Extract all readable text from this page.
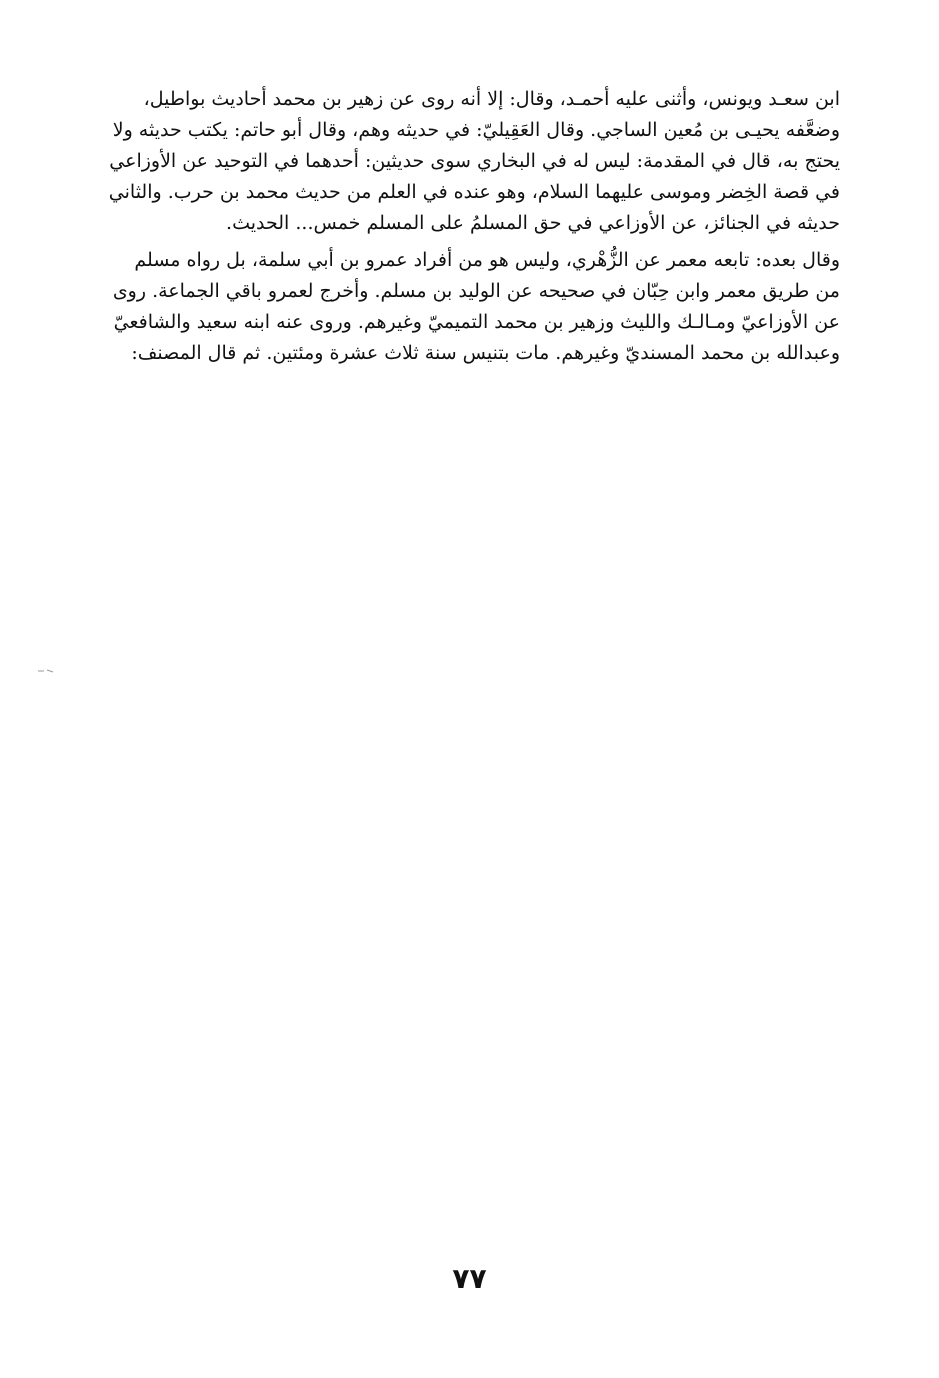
ابن سعـد ويونس، وأثنى عليه أحمـد، وقال: إلا أنه روى عن زهير بن محمد أحاديث بواطيل،
وضعَّفه يحيـى بن مُعين الساجي. وقال العَقِيليّ: في حديثه وهم، وقال أبو حاتم: يكتب حديثه ولا
يحتج به، قال في المقدمة: ليس له في البخاري سوى حديثين: أحدهما في التوحيد عن الأوزاعي
في قصة الخِضر وموسى عليهما السلام، وهو عنده في العلم من حديث محمد بن حرب. والثاني
حديثه في الجنائز، عن الأوزاعي في حق المسلمُ على المسلم خمس... الحديث.
وقال بعده: تابعه معمر عن الزُّهْري، وليس هو من أفراد عمرو بن أبي سلمة، بل رواه مسلم
من طريق معمر وابن حِبّان في صحيحه عن الوليد بن مسلم. وأخرج لعمرو باقي الجماعة. روى
عن الأوزاعيّ ومـالـك والليث وزهير بن محمد التميميّ وغيرهم. وروى عنه ابنه سعيد والشافعيّ
وعبدالله بن محمد المسنديّ وغيرهم. مات بتنيس سنة ثلاث عشرة ومئتين. ثم قال المصنف:
٧٧
